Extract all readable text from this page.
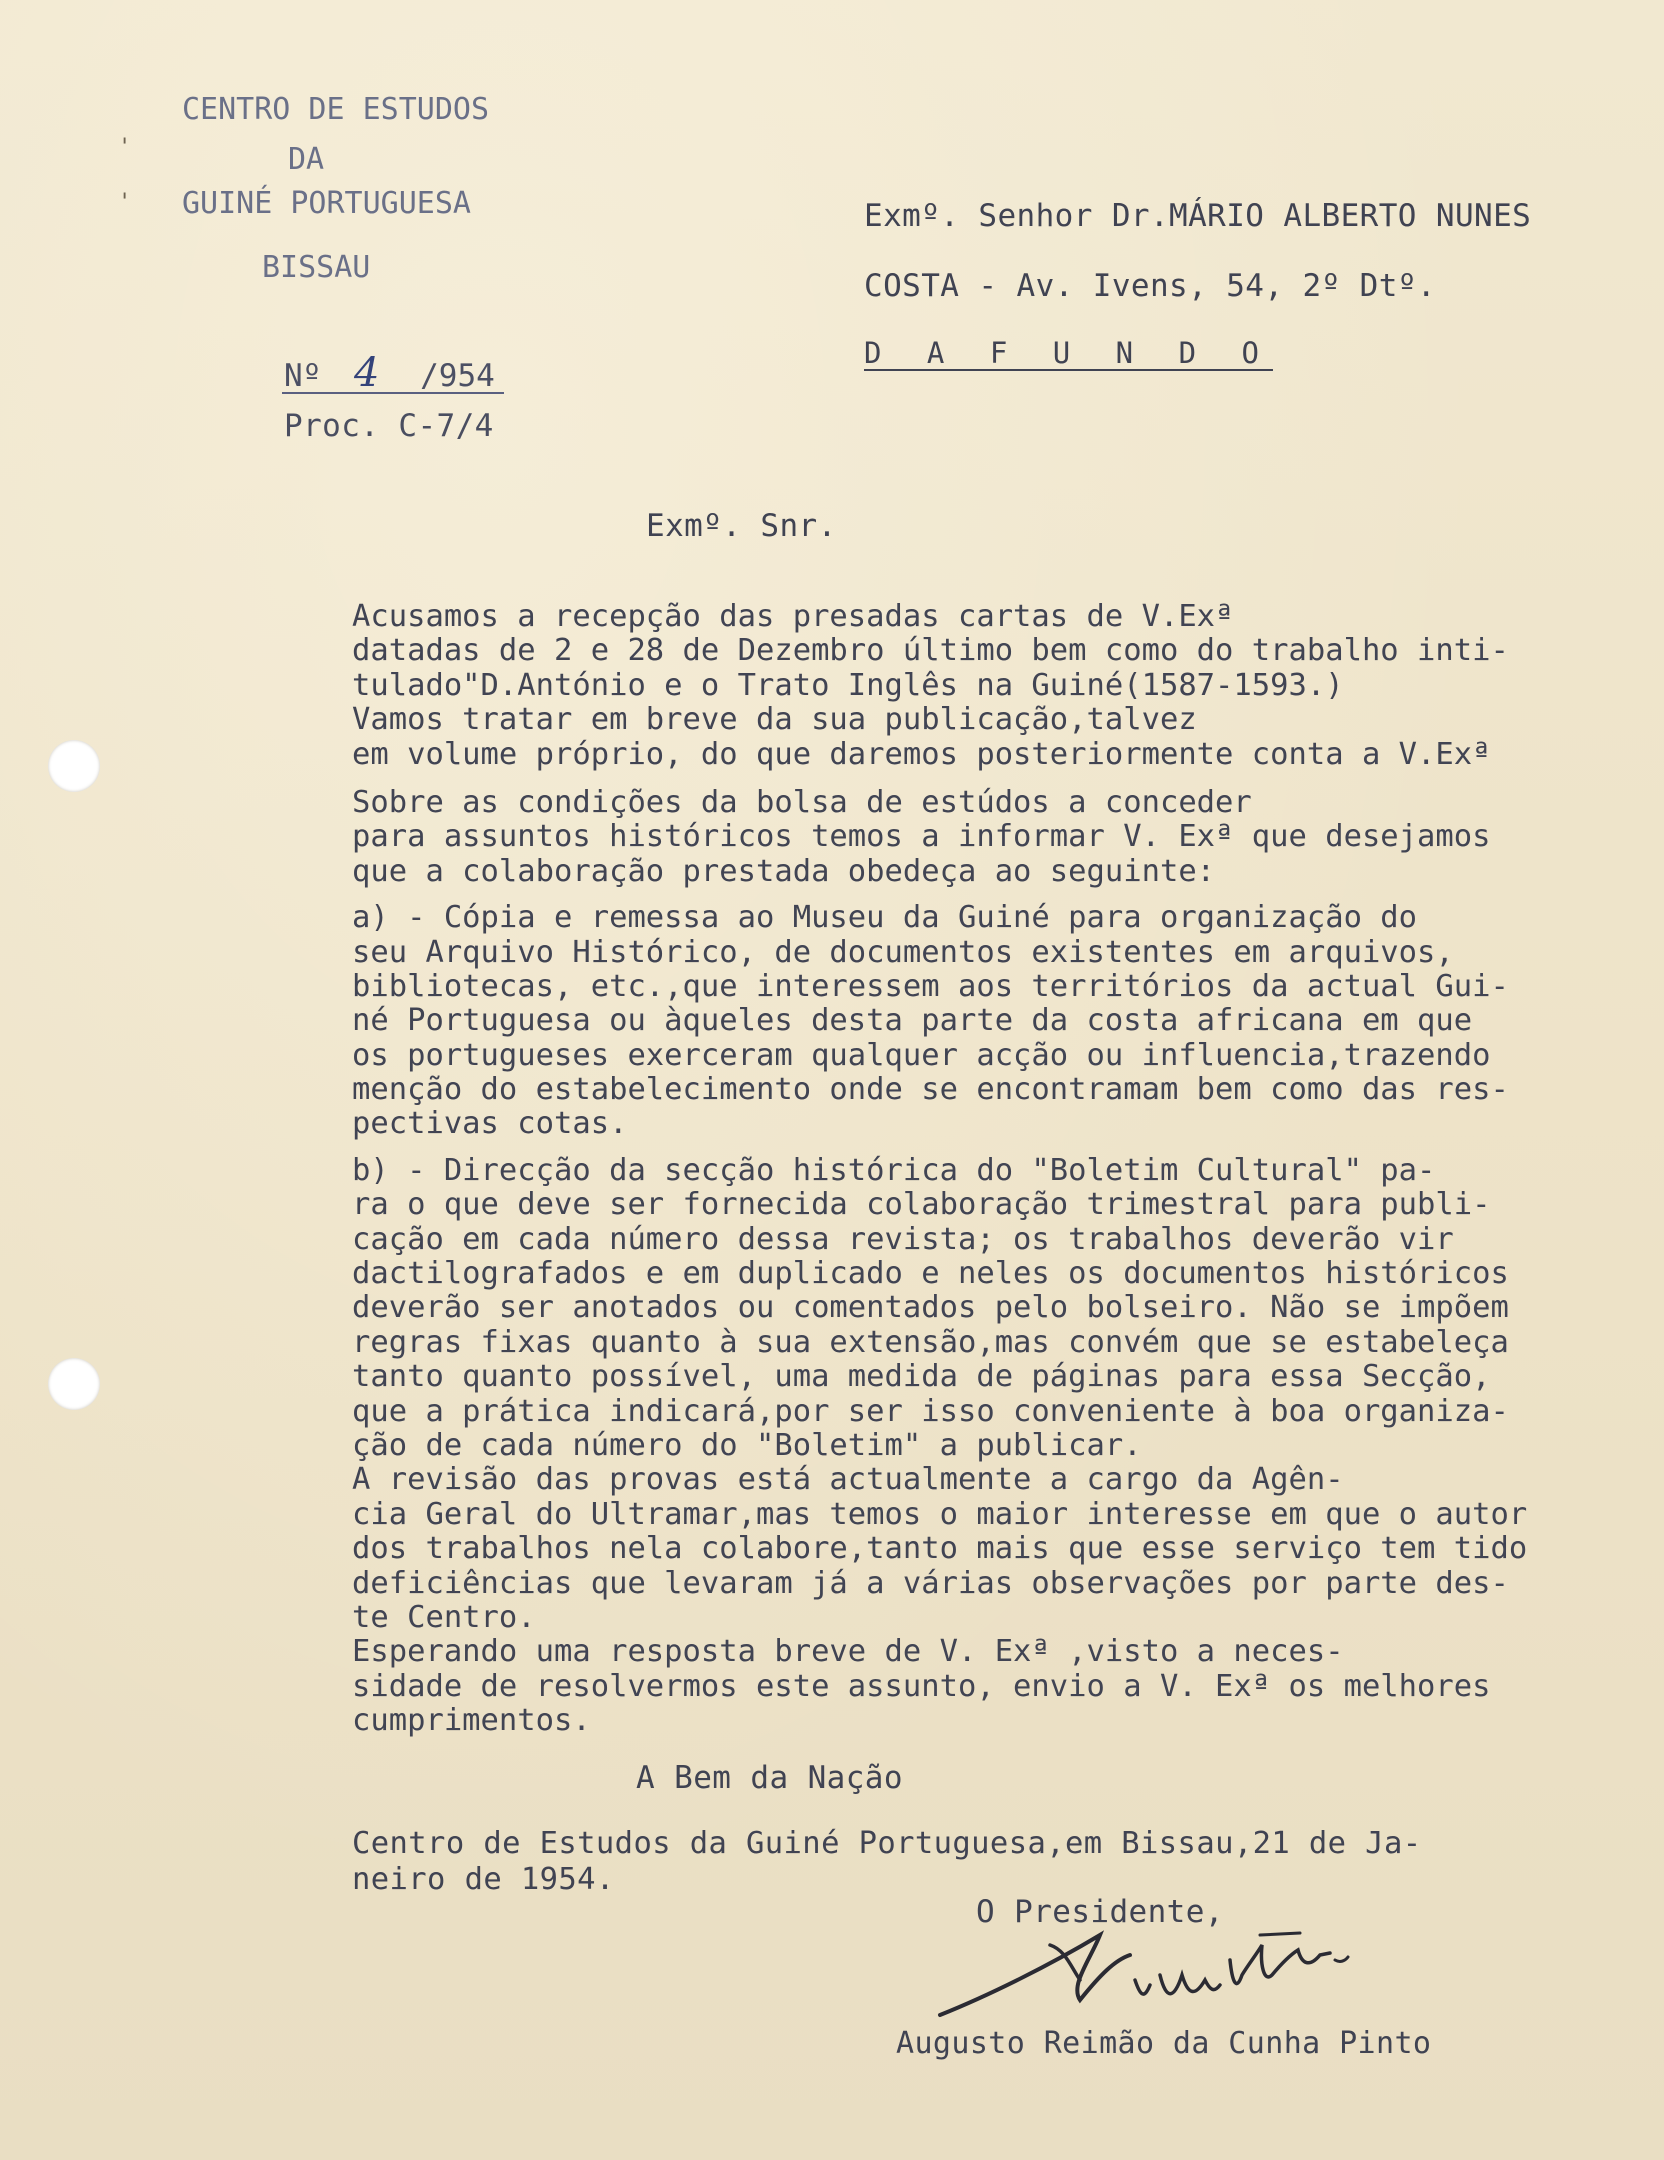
ꞌ
ꞌ
CENTRO DE ESTUDOS
DA
GUINÉ PORTUGUESA
BISSAU
Nº 4 /954
Proc. C-7/4
Exmº. Senhor Dr.MÁRIO ALBERTO NUNES
COSTA - Av. Ivens, 54, 2º Dtº.
D A F U N D O
Exmº. Snr.
Acusamos a recepção das presadas cartas de V.Exª
datadas de 2 e 28 de Dezembro último bem como do trabalho inti-
tulado"D.António e o Trato Inglês na Guiné(1587-1593.)
Vamos tratar em breve da sua publicação,talvez
em volume próprio, do que daremos posteriormente conta a V.Exª
Sobre as condições da bolsa de estúdos a conceder
para assuntos históricos temos a informar V. Exª que desejamos
que a colaboração prestada obedeça ao seguinte:
a) - Cópia e remessa ao Museu da Guiné para organização do
seu Arquivo Histórico, de documentos existentes em arquivos,
bibliotecas, etc.,que interessem aos territórios da actual Gui-
né Portuguesa ou àqueles desta parte da costa africana em que
os portugueses exerceram qualquer acção ou influencia,trazendo
menção do estabelecimento onde se encontramam bem como das res-
pectivas cotas.
b) - Direcção da secção histórica do "Boletim Cultural" pa-
ra o que deve ser fornecida colaboração trimestral para publi-
cação em cada número dessa revista; os trabalhos deverão vir
dactilografados e em duplicado e neles os documentos históricos
deverão ser anotados ou comentados pelo bolseiro. Não se impõem
regras fixas quanto à sua extensão,mas convém que se estabeleça
tanto quanto possível, uma medida de páginas para essa Secção,
que a prática indicará,por ser isso conveniente à boa organiza-
ção de cada número do "Boletim" a publicar.
A revisão das provas está actualmente a cargo da Agên-
cia Geral do Ultramar,mas temos o maior interesse em que o autor
dos trabalhos nela colabore,tanto mais que esse serviço tem tido
deficiências que levaram já a várias observações por parte des-
te Centro.
Esperando uma resposta breve de V. Exª ,visto a neces-
sidade de resolvermos este assunto, envio a V. Exª os melhores
cumprimentos.
A Bem da Nação
Centro de Estudos da Guiné Portuguesa,em Bissau,21 de Ja-
neiro de 1954.
O Presidente,
Augusto Reimão da Cunha Pinto
